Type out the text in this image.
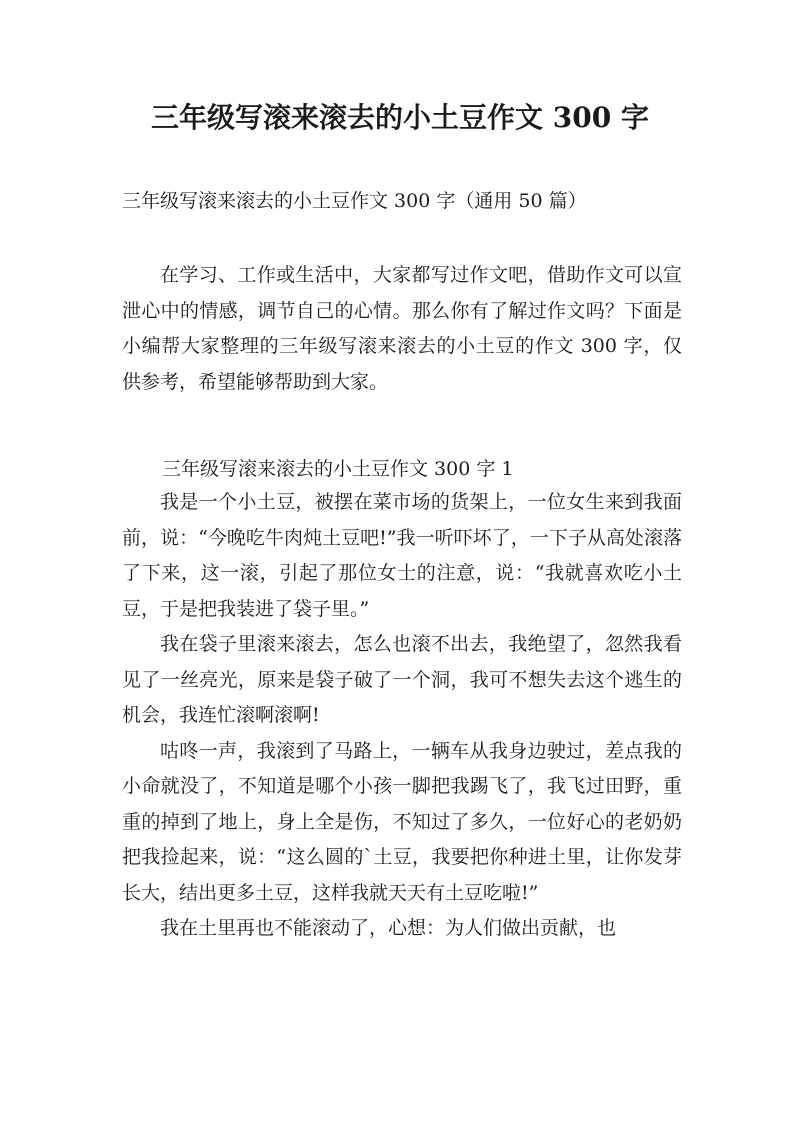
三年级写滚来滚去的小土豆作文 300 字
三年级写滚来滚去的小土豆作文 300 字（通用 50 篇）

在学习、工作或生活中，大家都写过作文吧，借助作文可以宣泄心中的情感，调节自己的心情。那么你有了解过作文吗？下面是小编帮大家整理的三年级写滚来滚去的小土豆的作文 300 字，仅供参考，希望能够帮助到大家。

三年级写滚来滚去的小土豆作文 300 字 1

我是一个小土豆，被摆在菜市场的货架上，一位女生来到我面前，说：“今晚吃牛肉炖土豆吧!”我一听吓坏了，一下子从高处滚落了下来，这一滚，引起了那位女士的注意，说：“我就喜欢吃小土豆，于是把我装进了袋子里。”

我在袋子里滚来滚去，怎么也滚不出去，我绝望了，忽然我看见了一丝亮光，原来是袋子破了一个洞，我可不想失去这个逃生的机会，我连忙滚啊滚啊!

咕咚一声，我滚到了马路上，一辆车从我身边驶过，差点我的小命就没了，不知道是哪个小孩一脚把我踢飞了，我飞过田野，重重的掉到了地上，身上全是伤，不知过了多久，一位好心的老奶奶把我捡起来，说：“这么圆的`土豆，我要把你种进土里，让你发芽长大，结出更多土豆，这样我就天天有土豆吃啦!”

我在土里再也不能滚动了，心想：为人们做出贡献，也
